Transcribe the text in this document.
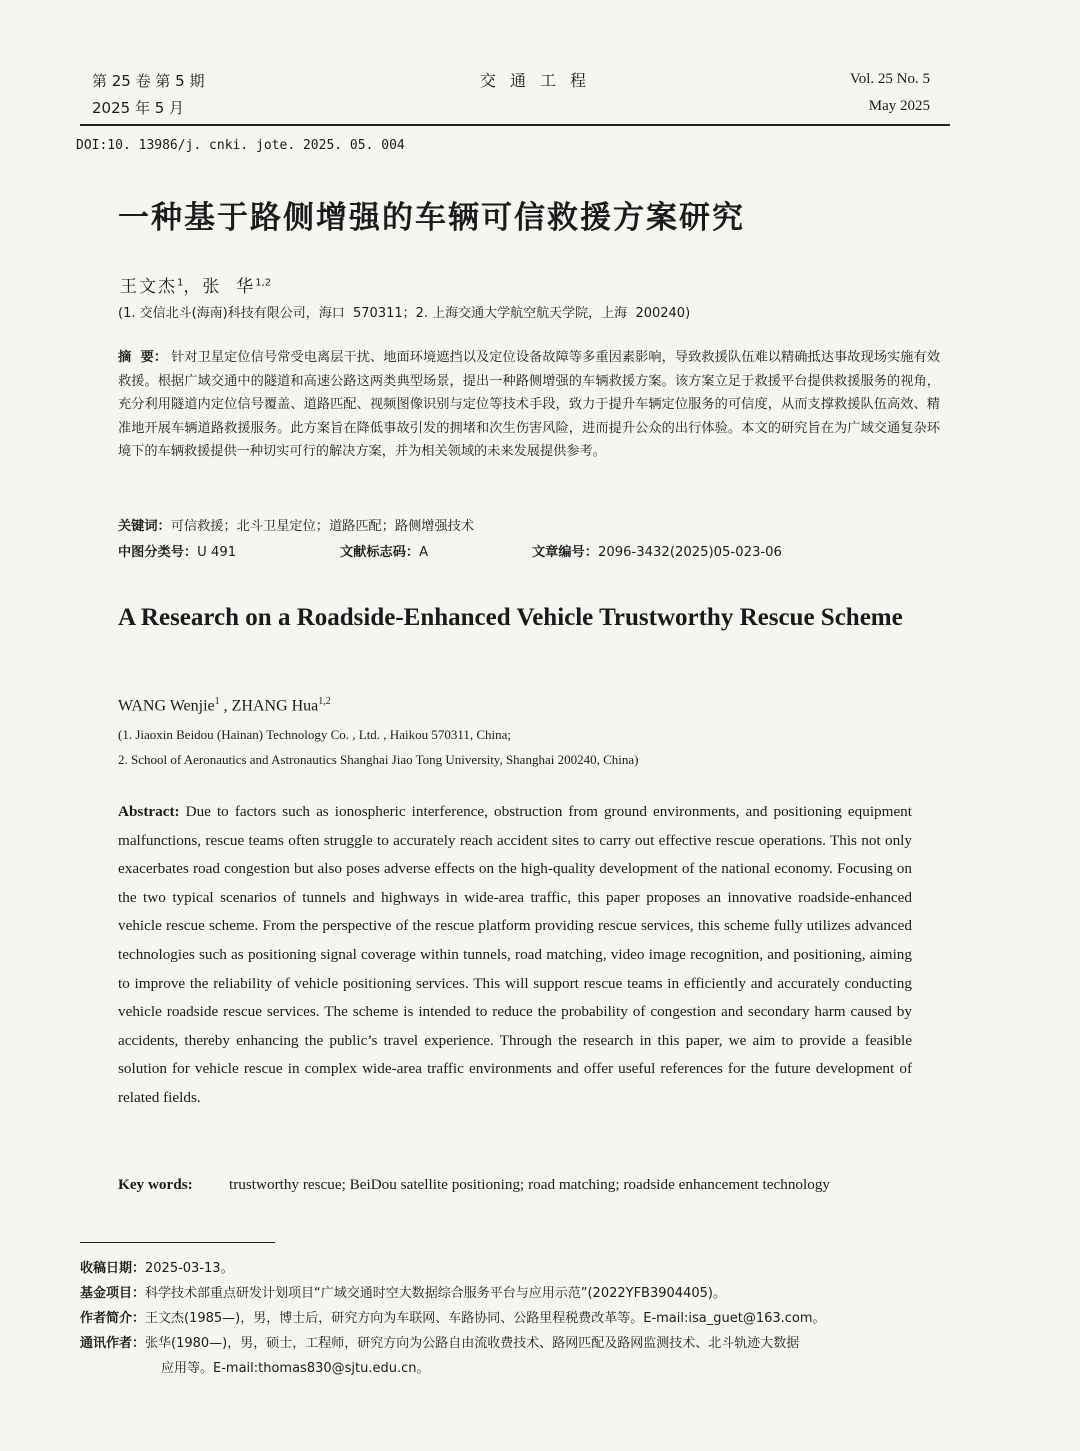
第 25 卷 第 5 期
2025 年 5 月
交通工程	Vol. 25 No. 5
May 2025
DOI:10. 13986/j. cnki. jote. 2025. 05. 004
一种基于路侧增强的车辆可信救援方案研究
王文杰$^1$，张  华$^{1,2}$
(1. 交信北斗(海南)科技有限公司，海口  570311；2. 上海交通大学航空航天学院，上海  200240)
摘  要： 针对卫星定位信号常受电离层干扰、地面环境遮挡以及定位设备故障等多重因素影响，导致救援队伍难以精确抵达事故现场实施有效救援。根据广域交通中的隧道和高速公路这两类典型场景，提出一种路侧增强的车辆救援方案。该方案立足于救援平台提供救援服务的视角，充分利用隧道内定位信号覆盖、道路匹配、视频图像识别与定位等技术手段，致力于提升车辆定位服务的可信度，从而支撑救援队伍高效、精准地开展车辆道路救援服务。此方案旨在降低事故引发的拥堵和次生伤害风险，进而提升公众的出行体验。本文的研究旨在为广域交通复杂环境下的车辆救援提供一种切实可行的解决方案，并为相关领域的未来发展提供参考。
关键词：可信救援；北斗卫星定位；道路匹配；路侧增强技术
中图分类号：U 491	文献标志码：A	文章编号：2096-3432(2025)05-023-06
A Research on a Roadside-Enhanced Vehicle Trustworthy Rescue Scheme
WANG Wenjie$^1$ , ZHANG Hua$^{1,2}$
(1. Jiaoxin Beidou (Hainan) Technology Co. , Ltd. , Haikou 570311, China;
2. School of Aeronautics and Astronautics Shanghai Jiao Tong University, Shanghai 200240, China)
Abstract: Due to factors such as ionospheric interference, obstruction from ground environments, and positioning equipment malfunctions, rescue teams often struggle to accurately reach accident sites to carry out effective rescue operations. This not only exacerbates road congestion but also poses adverse effects on the high-quality development of the national economy. Focusing on the two typical scenarios of tunnels and highways in wide-area traffic, this paper proposes an innovative roadside-enhanced vehicle rescue scheme. From the perspective of the rescue platform providing rescue services, this scheme fully utilizes advanced technologies such as positioning signal coverage within tunnels, road matching, video image recognition, and positioning, aiming to improve the reliability of vehicle positioning services. This will support rescue teams in efficiently and accurately conducting vehicle roadside rescue services. The scheme is intended to reduce the probability of congestion and secondary harm caused by accidents, thereby enhancing the public’s travel experience. Through the research in this paper, we aim to provide a feasible solution for vehicle rescue in complex wide-area traffic environments and offer useful references for the future development of related fields.
Key words:	trustworthy rescue; BeiDou satellite positioning; road matching; roadside enhancement technology
收稿日期：2025-03-13。
基金项目：科学技术部重点研发计划项目“广域交通时空大数据综合服务平台与应用示范”(2022YFB3904405)。
作者简介：王文杰(1985—)，男，博士后，研究方向为车联网、车路协同、公路里程税费改革等。E-mail:isa_guet@163.com。
通讯作者：张华(1980—)，男，硕士，工程师，研究方向为公路自由流收费技术、路网匹配及路网监测技术、北斗轨迹大数据
应用等。E-mail:thomas830@sjtu.edu.cn。
